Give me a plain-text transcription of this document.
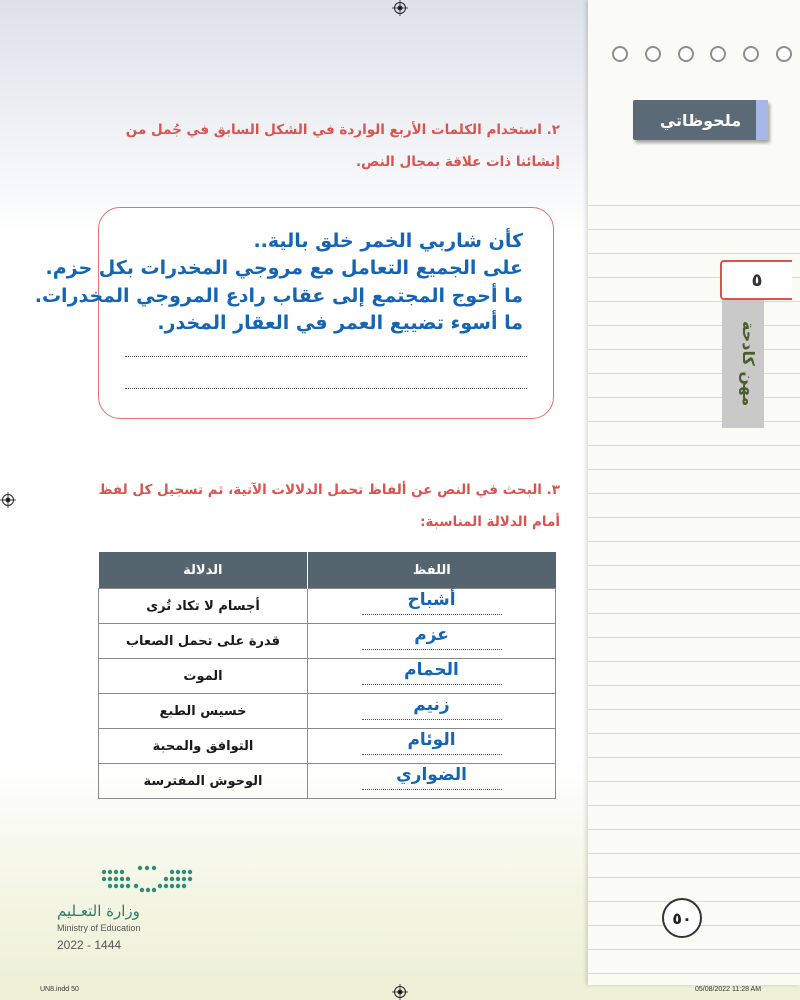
ملحوظاتي
٥
مهن كادحة
٢. استخدام الكلمات الأربع الواردة في الشكل السابق في جُمل من إنشائنا ذات علاقة بمجال النص.
كأن شاربي الخمر خلق بالية..
على الجميع التعامل مع مروجي المخدرات بكل حزم.
ما أحوج المجتمع إلى عقاب رادع المروجي المخدرات.
ما أسوء تضييع العمر في العقار المخدر.
٣. البحث في النص عن ألفاظ تحمل الدلالات الآتية، ثم تسجيل كل لفظ أمام الدلالة المناسبة:
اللفظ	الدلالة

أشباح	أجسام لا تكاد تُرى

عزم	قدرة على تحمل الصعاب

الحمام	الموت

زنيم	خسيس الطبع

الوئام	التوافق والمحبة

الضواري	الوحوش المفترسة
وزارة التعـليم
Ministry of Education
2022 - 1444
٥٠
UN8.indd 50	05/08/2022 11:28 AM
